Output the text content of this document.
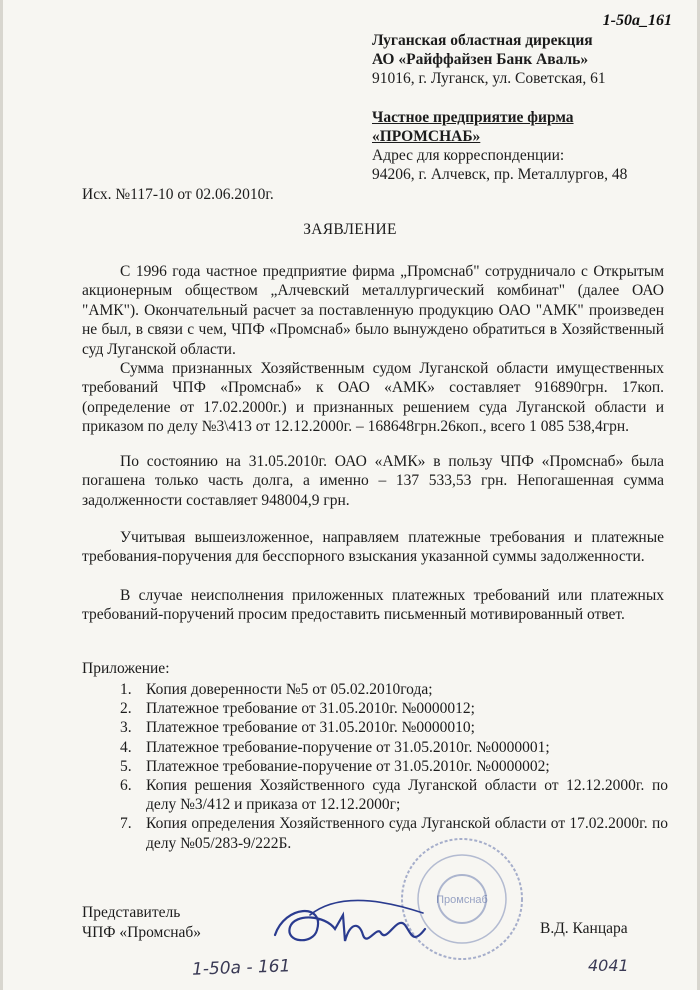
1-50а_161
Луганская областная дирекция
АО «Райффайзен Банк Аваль»
91016, г. Луганск, ул. Советская, 61
Частное предприятие фирма
«ПРОМСНАБ»
Адрес для корреспонденции:
94206, г. Алчевск, пр. Металлургов, 48
Исх. №117-10 от 02.06.2010г.
ЗАЯВЛЕНИЕ

С 1996 года частное предприятие фирма „Промснаб" сотрудничало с Открытым акционерным обществом „Алчевский металлургический комбинат" (далее ОАО "АМК"). Окончательный расчет за поставленную продукцию ОАО "АМК" произведен не был, в связи с чем, ЧПФ «Промснаб» было вынуждено обратиться в Хозяйственный суд Луганской области.

Сумма признанных Хозяйственным судом Луганской области имущественных требований ЧПФ «Промснаб» к ОАО «АМК» составляет 916890грн. 17коп. (определение от 17.02.2000г.) и признанных решением суда Луганской области и приказом по делу №3\413 от 12.12.2000г. – 168648грн.26коп., всего 1 085 538,4грн.

По состоянию на 31.05.2010г. ОАО «АМК» в пользу ЧПФ «Промснаб» была погашена только часть долга, а именно – 137 533,53 грн. Непогашенная сумма задолженности составляет 948004,9 грн.

Учитывая вышеизложенное, направляем платежные требования и платежные требования-поручения для бесспорного взыскания указанной суммы задолженности.

В случае неисполнения приложенных платежных требований или платежных требований-поручений просим предоставить письменный мотивированный ответ.

Приложение:
1. Копия доверенности №5 от 05.02.2010года;
2. Платежное требование от 31.05.2010г. №0000012;
3. Платежное требование от 31.05.2010г. №0000010;
4. Платежное требование-поручение от 31.05.2010г. №0000001;
5. Платежное требование-поручение от 31.05.2010г. №0000002;
6. Копия решения Хозяйственного суда Луганской области от 12.12.2000г. по делу №3/412 и приказа от 12.12.2000г;
7. Копия определения Хозяйственного суда Луганской области от 17.02.2000г. по делу №05/283-9/222Б.
Промснаб
Представитель
ЧПФ «Промснаб»	В.Д. Канцара
1-50а - 161	4041
